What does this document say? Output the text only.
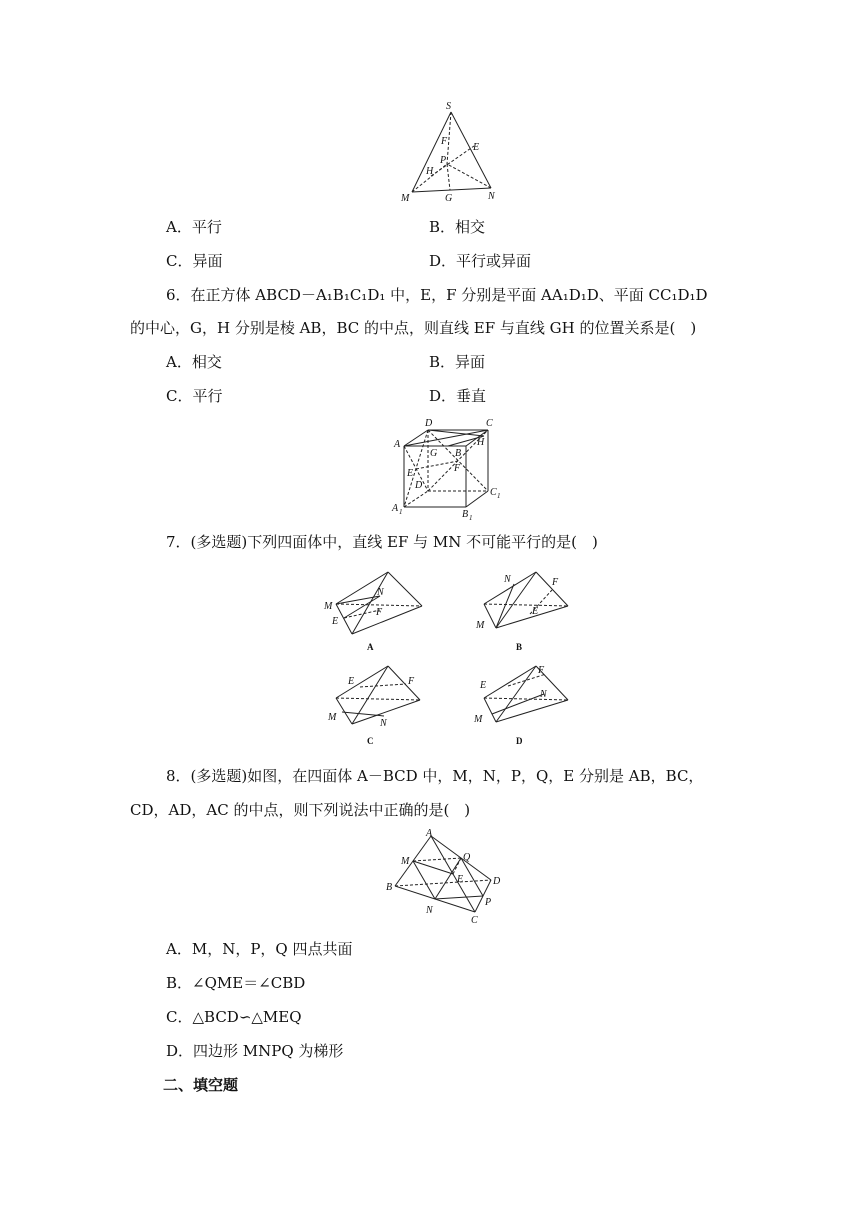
S
F
E
P
H
M	G	N
A．平行	B．相交
C．异面	D．平行或异面
6．在正方体 ABCD－A₁B₁C₁D₁ 中，E，F 分别是平面 AA₁D₁D、平面 CC₁D₁D
的中心，G，H 分别是棱 AB，BC 的中点，则直线 EF 与直线 GH 的位置关系是(　)
A．相交	B．异面
C．平行	D．垂直
D	C
A	H
G B
E	F
D
A 1	B 1
C 1
7．(多选题)下列四面体中，直线 EF 与 MN 不可能平行的是(　)
M
N
F
E
A
N	F
E
M
B
E	F
M
N
C
F
E
N
M
D
8．(多选题)如图，在四面体 A－BCD 中，M，N，P，Q，E 分别是 AB，BC，
CD，AD，AC 的中点，则下列说法中正确的是(　)
A
M	Q
E	D
B
N
P
C
A．M，N，P，Q 四点共面
B．∠QME＝∠CBD
C．△BCD∽△MEQ
D．四边形 MNPQ 为梯形
二、填空题
